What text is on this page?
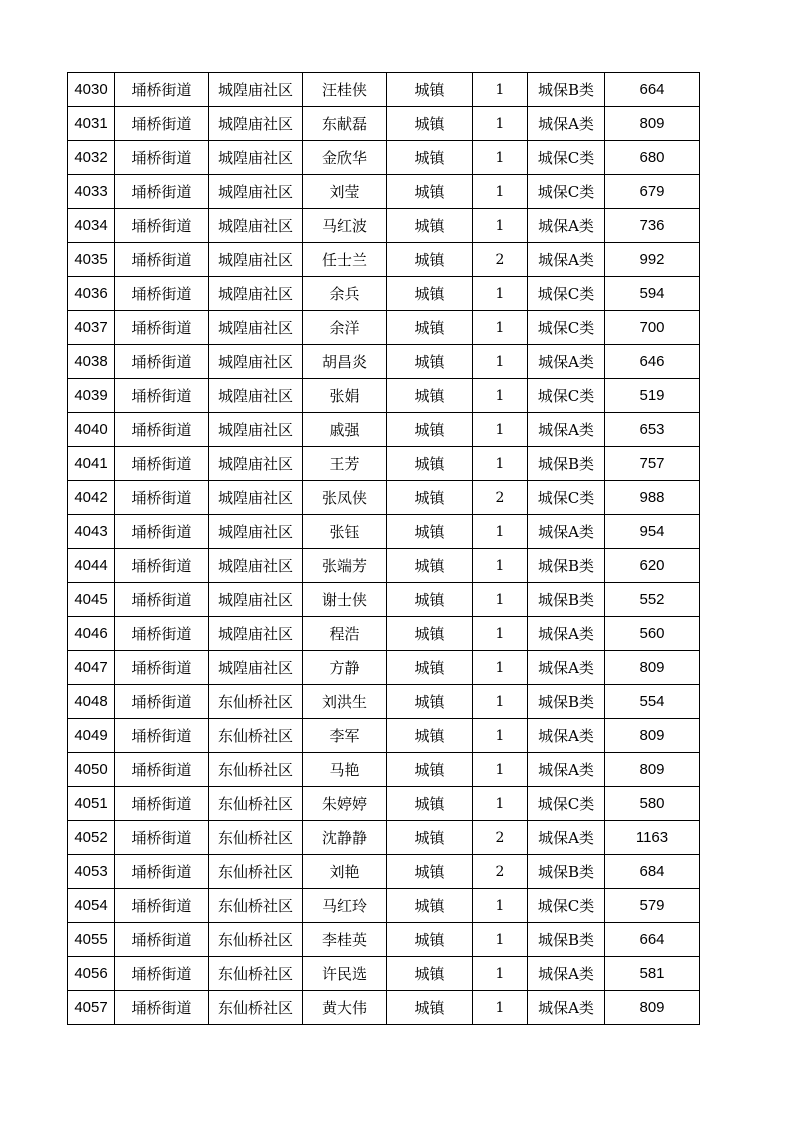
4030	埇桥街道	城隍庙社区	汪桂侠	城镇	1	城保B类	664
4031	埇桥街道	城隍庙社区	东献磊	城镇	1	城保A类	809
4032	埇桥街道	城隍庙社区	金欣华	城镇	1	城保C类	680
4033	埇桥街道	城隍庙社区	刘莹	城镇	1	城保C类	679
4034	埇桥街道	城隍庙社区	马红波	城镇	1	城保A类	736
4035	埇桥街道	城隍庙社区	任士兰	城镇	2	城保A类	992
4036	埇桥街道	城隍庙社区	余兵	城镇	1	城保C类	594
4037	埇桥街道	城隍庙社区	余洋	城镇	1	城保C类	700
4038	埇桥街道	城隍庙社区	胡昌炎	城镇	1	城保A类	646
4039	埇桥街道	城隍庙社区	张娟	城镇	1	城保C类	519
4040	埇桥街道	城隍庙社区	戚强	城镇	1	城保A类	653
4041	埇桥街道	城隍庙社区	王芳	城镇	1	城保B类	757
4042	埇桥街道	城隍庙社区	张凤侠	城镇	2	城保C类	988
4043	埇桥街道	城隍庙社区	张钰	城镇	1	城保A类	954
4044	埇桥街道	城隍庙社区	张端芳	城镇	1	城保B类	620
4045	埇桥街道	城隍庙社区	谢士侠	城镇	1	城保B类	552
4046	埇桥街道	城隍庙社区	程浩	城镇	1	城保A类	560
4047	埇桥街道	城隍庙社区	方静	城镇	1	城保A类	809
4048	埇桥街道	东仙桥社区	刘洪生	城镇	1	城保B类	554
4049	埇桥街道	东仙桥社区	李军	城镇	1	城保A类	809
4050	埇桥街道	东仙桥社区	马艳	城镇	1	城保A类	809
4051	埇桥街道	东仙桥社区	朱婷婷	城镇	1	城保C类	580
4052	埇桥街道	东仙桥社区	沈静静	城镇	2	城保A类	1163
4053	埇桥街道	东仙桥社区	刘艳	城镇	2	城保B类	684
4054	埇桥街道	东仙桥社区	马红玲	城镇	1	城保C类	579
4055	埇桥街道	东仙桥社区	李桂英	城镇	1	城保B类	664
4056	埇桥街道	东仙桥社区	许民选	城镇	1	城保A类	581
4057	埇桥街道	东仙桥社区	黄大伟	城镇	1	城保A类	809
